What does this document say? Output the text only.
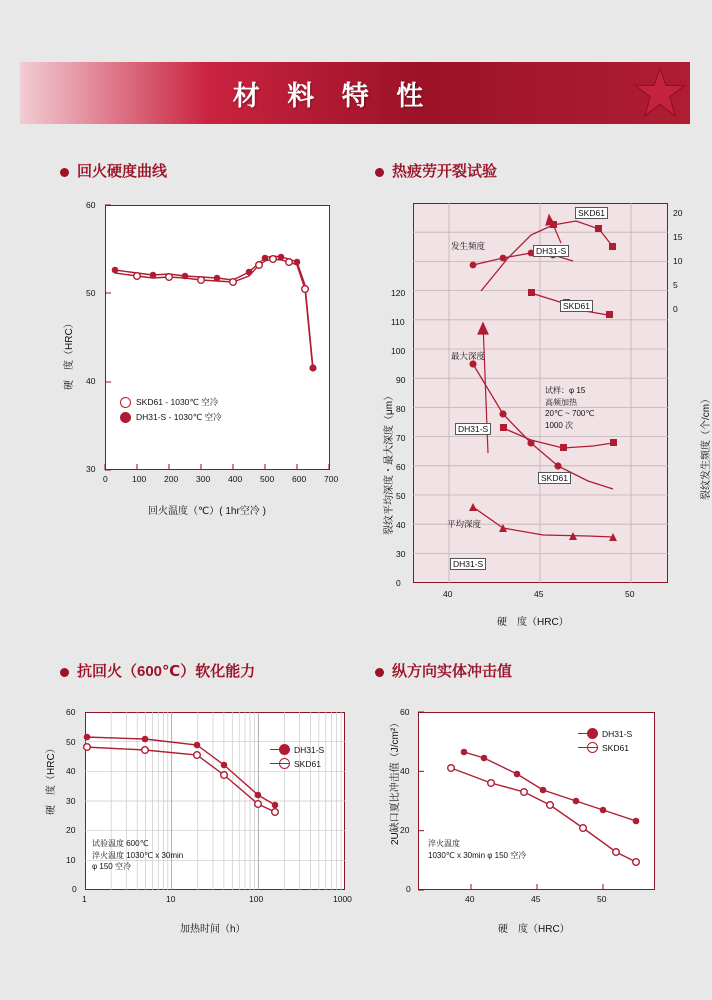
材 料 特 性
回火硬度曲线	热疲劳开裂试验
抗回火（600℃）软化能力	纵方向实体冲击值
60
50
40
30
0	100 200 300 400 500 600 700
SKD61 - 1030℃ 空冷
DH31-S - 1030℃ 空冷
硬　度（HRC）
回火温度（℃）( 1hr空冷 )
120
110
100
90
80
70
60
50
40
30
0
20
15
10
5
0
40	45	50
发生频度
最大深度
平均深度
SKD61
DH31-S
SKD61
DH31-S
SKD61
DH31-S
试样：φ 15
高频加热
20℃ ~ 700℃
1000 次
裂纹平均深度・最大深度（μm）	裂纹发生频度（个/cm）
硬　度（HRC）
60
50
40
30
20
10
0
1	10	100	1000
DH31-S
SKD61
试验温度 600℃
淬火温度 1030℃ x 30min
φ 150 空冷
硬　度（HRC）
加热时间（h）
60
40
20
0
40	45	50
DH31-S
SKD61
淬火温度
1030℃ x 30min φ 150 空冷
2U缺口夏比冲击值（J/cm²）
硬　度（HRC）
